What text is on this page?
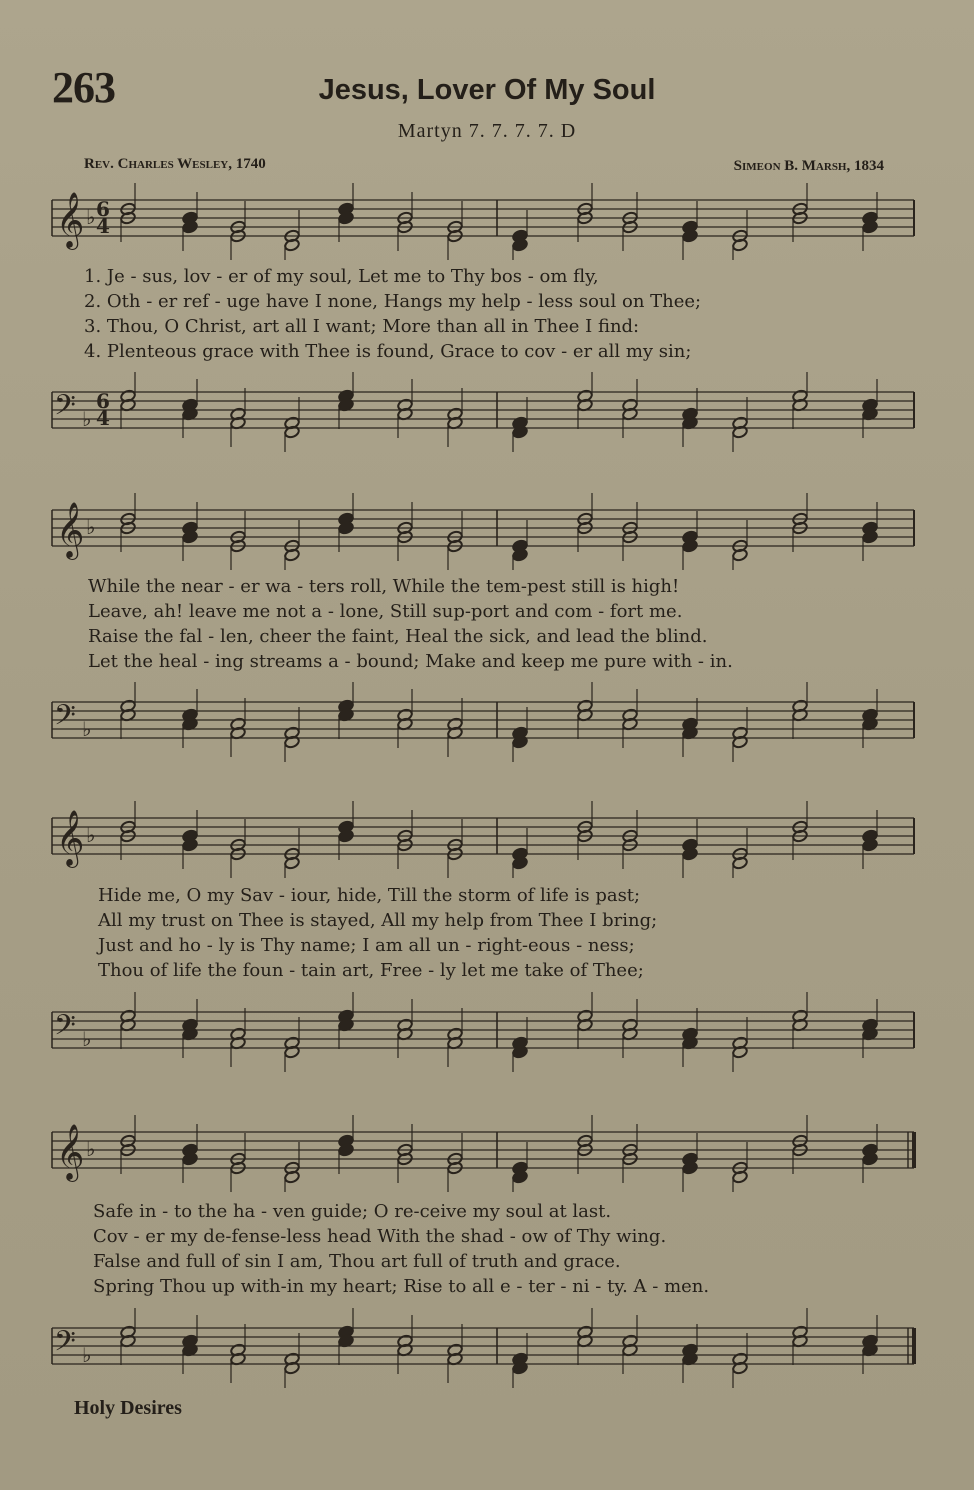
263	Jesus, Lover Of My Soul
Martyn 7. 7. 7. 7. D
Rev. Charles Wesley, 1740	Simeon B. Marsh, 1834
𝄞 ♭ 6
4
1. Je - sus, lov - er of my soul, Let me to Thy bos - om fly,
2. Oth - er ref - uge have I none, Hangs my help - less soul on Thee;
3. Thou, O Christ, art all I want; More than all in Thee I find:
4. Plenteous grace with Thee is found, Grace to cov - er all my sin;
𝄢 ♭
6
4
𝄞 ♭
While the near - er wa - ters roll, While the tem-pest still is high!
Leave, ah! leave me not a - lone, Still sup-port and com - fort me.
Raise the fal - len, cheer the faint, Heal the sick, and lead the blind.
Let the heal - ing streams a - bound; Make and keep me pure with - in.
𝄢 ♭
𝄞 ♭
Hide me, O my Sav - iour, hide, Till the storm of life is past;
All my trust on Thee is stayed, All my help from Thee I bring;
Just and ho - ly is Thy name; I am all un - right-eous - ness;
Thou of life the foun - tain art, Free - ly let me take of Thee;
𝄢 ♭
𝄞 ♭
Safe in - to the ha - ven guide; O re-ceive my soul at last.
Cov - er my de-fense-less head With the shad - ow of Thy wing.
False and full of sin I am, Thou art full of truth and grace.
Spring Thou up with-in my heart; Rise to all e - ter - ni - ty. A - men.
𝄢 ♭
Holy Desires
